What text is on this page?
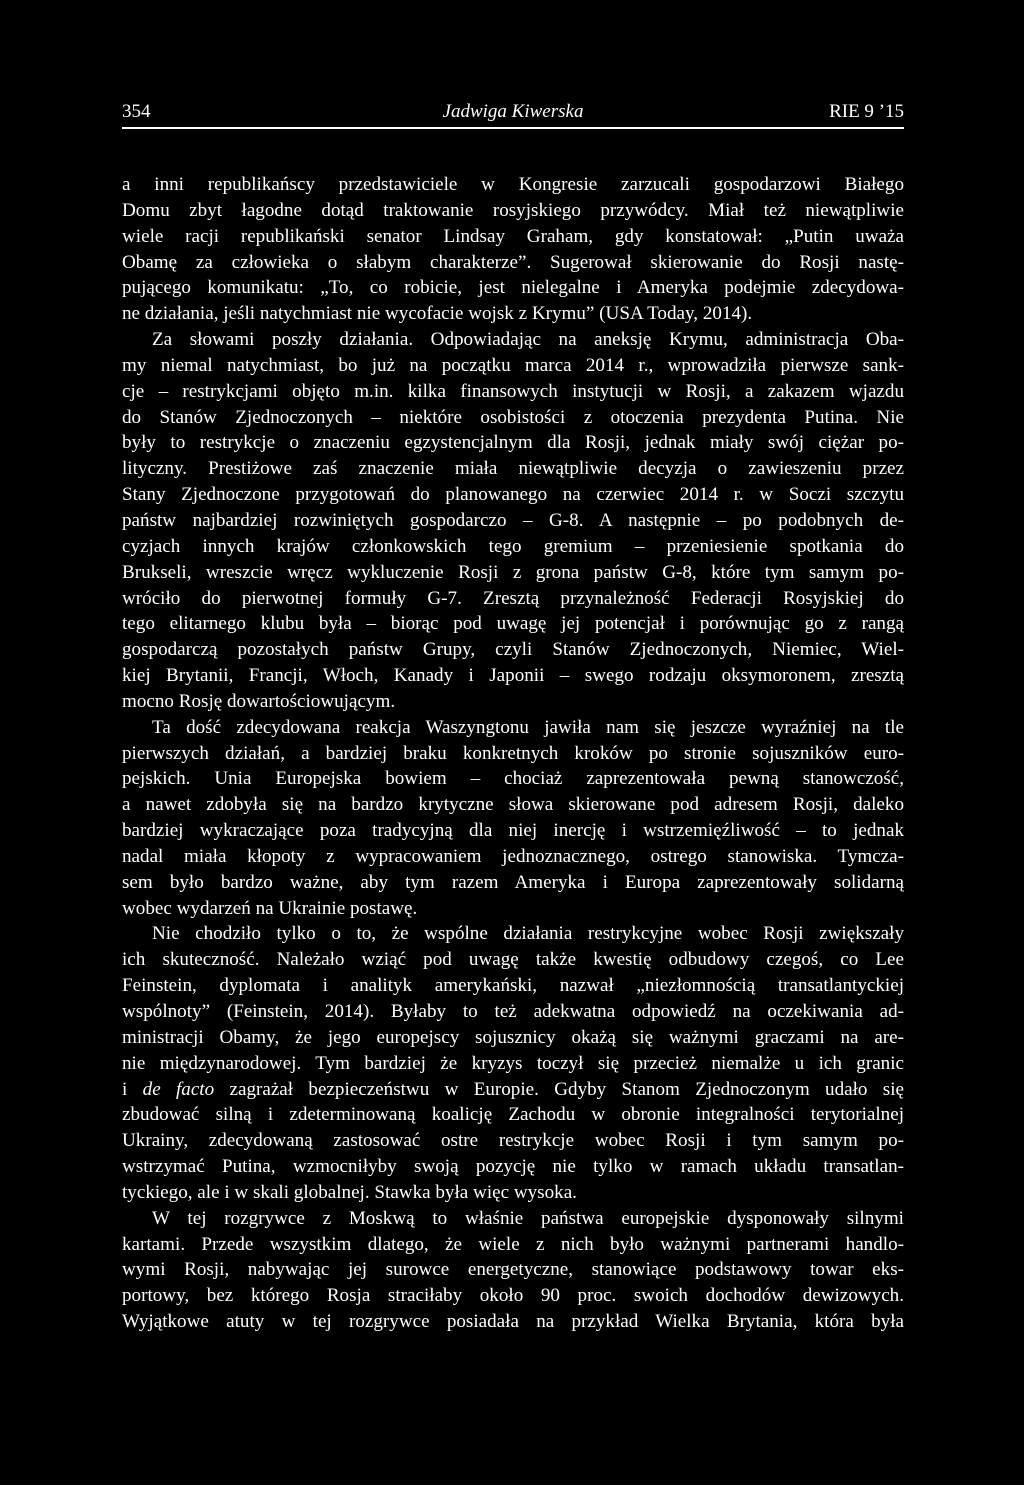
354	Jadwiga Kiwerska	RIE 9 ’15
a inni republikańscy przedstawiciele w Kongresie zarzucali gospodarzowi Białego
Domu zbyt łagodne dotąd traktowanie rosyjskiego przywódcy. Miał też niewątpliwie
wiele racji republikański senator Lindsay Graham, gdy konstatował: „Putin uważa
Obamę za człowieka o słabym charakterze”. Sugerował skierowanie do Rosji nastę-
pującego komunikatu: „To, co robicie, jest nielegalne i Ameryka podejmie zdecydowa-
ne działania, jeśli natychmiast nie wycofacie wojsk z Krymu” (USA Today, 2014).
Za słowami poszły działania. Odpowiadając na aneksję Krymu, administracja Oba-
my niemal natychmiast, bo już na początku marca 2014 r., wprowadziła pierwsze sank-
cje – restrykcjami objęto m.in. kilka finansowych instytucji w Rosji, a zakazem wjazdu
do Stanów Zjednoczonych – niektóre osobistości z otoczenia prezydenta Putina. Nie
były to restrykcje o znaczeniu egzystencjalnym dla Rosji, jednak miały swój ciężar po-
lityczny. Prestiżowe zaś znaczenie miała niewątpliwie decyzja o zawieszeniu przez
Stany Zjednoczone przygotowań do planowanego na czerwiec 2014 r. w Soczi szczytu
państw najbardziej rozwiniętych gospodarczo – G-8. A następnie – po podobnych de-
cyzjach innych krajów członkowskich tego gremium – przeniesienie spotkania do
Brukseli, wreszcie wręcz wykluczenie Rosji z grona państw G-8, które tym samym po-
wróciło do pierwotnej formuły G-7. Zresztą przynależność Federacji Rosyjskiej do
tego elitarnego klubu była – biorąc pod uwagę jej potencjał i porównując go z rangą
gospodarczą pozostałych państw Grupy, czyli Stanów Zjednoczonych, Niemiec, Wiel-
kiej Brytanii, Francji, Włoch, Kanady i Japonii – swego rodzaju oksymoronem, zresztą
mocno Rosję dowartościowującym.
Ta dość zdecydowana reakcja Waszyngtonu jawiła nam się jeszcze wyraźniej na tle
pierwszych działań, a bardziej braku konkretnych kroków po stronie sojuszników euro-
pejskich. Unia Europejska bowiem – chociaż zaprezentowała pewną stanowczość,
a nawet zdobyła się na bardzo krytyczne słowa skierowane pod adresem Rosji, daleko
bardziej wykraczające poza tradycyjną dla niej inercję i wstrzemięźliwość – to jednak
nadal miała kłopoty z wypracowaniem jednoznacznego, ostrego stanowiska. Tymcza-
sem było bardzo ważne, aby tym razem Ameryka i Europa zaprezentowały solidarną
wobec wydarzeń na Ukrainie postawę.
Nie chodziło tylko o to, że wspólne działania restrykcyjne wobec Rosji zwiększały
ich skuteczność. Należało wziąć pod uwagę także kwestię odbudowy czegoś, co Lee
Feinstein, dyplomata i analityk amerykański, nazwał „niezłomnością transatlantyckiej
wspólnoty” (Feinstein, 2014). Byłaby to też adekwatna odpowiedź na oczekiwania ad-
ministracji Obamy, że jego europejscy sojusznicy okażą się ważnymi graczami na are-
nie międzynarodowej. Tym bardziej że kryzys toczył się przecież niemalże u ich granic
i de facto zagrażał bezpieczeństwu w Europie. Gdyby Stanom Zjednoczonym udało się
zbudować silną i zdeterminowaną koalicję Zachodu w obronie integralności terytorialnej
Ukrainy, zdecydowaną zastosować ostre restrykcje wobec Rosji i tym samym po-
wstrzymać Putina, wzmocniłyby swoją pozycję nie tylko w ramach układu transatlan-
tyckiego, ale i w skali globalnej. Stawka była więc wysoka.
W tej rozgrywce z Moskwą to właśnie państwa europejskie dysponowały silnymi
kartami. Przede wszystkim dlatego, że wiele z nich było ważnymi partnerami handlo-
wymi Rosji, nabywając jej surowce energetyczne, stanowiące podstawowy towar eks-
portowy, bez którego Rosja straciłaby około 90 proc. swoich dochodów dewizowych.
Wyjątkowe atuty w tej rozgrywce posiadała na przykład Wielka Brytania, która była
